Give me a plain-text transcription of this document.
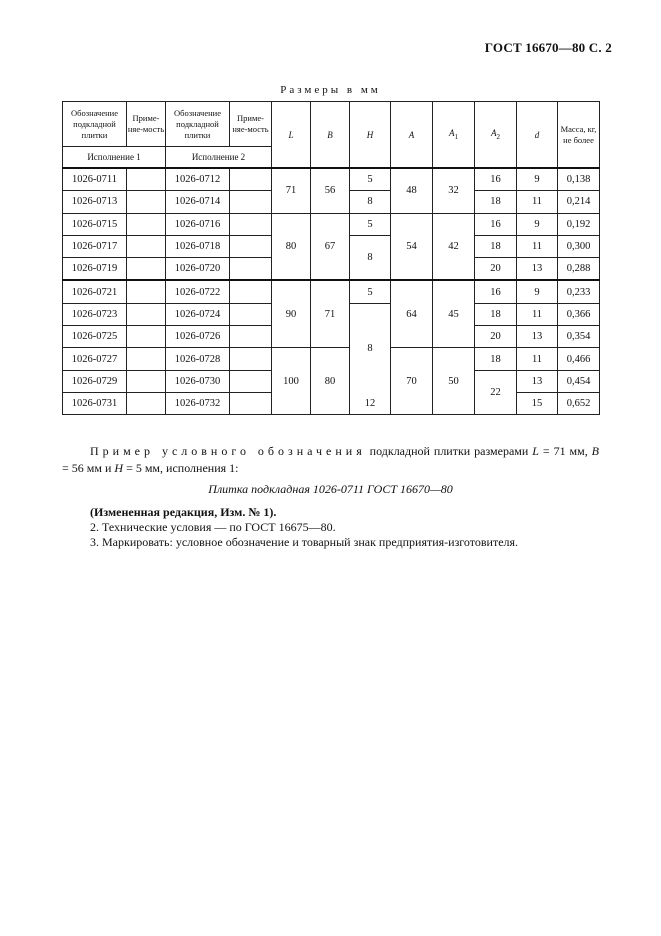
ГОСТ 16670—80 С. 2
Размеры в мм
Обозначение подкладной плитки	Приме-няе-мость	Обозначение подкладной плитки	Приме-няе-мость	L	B	H	A	$A_1$	$A_2$	d	Масса, кг, не более
Исполнение 1		Исполнение 2									
1026-0711		1026-0712		71	56	5	48	32	16	9	0,138
1026-0713		1026-0714				8			18	11	0,214
1026-0715		1026-0716		80	67	5	54	42	16	9	0,192
1026-0717		1026-0718				8			18	11	0,300
1026-0719		1026-0720							20	13	0,288
1026-0721		1026-0722		90	71	5	64	45	16	9	0,233
1026-0723		1026-0724				8			18	11	0,366
1026-0725		1026-0726							20	13	0,354
1026-0727		1026-0728		100	80		70	50	18	11	0,466
1026-0729		1026-0730							22	13	0,454
1026-0731		1026-0732				12				15	0,652
Пример условного обозначения подкладной плитки размерами L = 71 мм, B = 56 мм и H = 5 мм, исполнения 1:
Плитка подкладная 1026-0711 ГОСТ 16670—80
(Измененная редакция, Изм. № 1).
2. Технические условия — по ГОСТ 16675—80.
3. Маркировать: условное обозначение и товарный знак предприятия-изготовителя.
